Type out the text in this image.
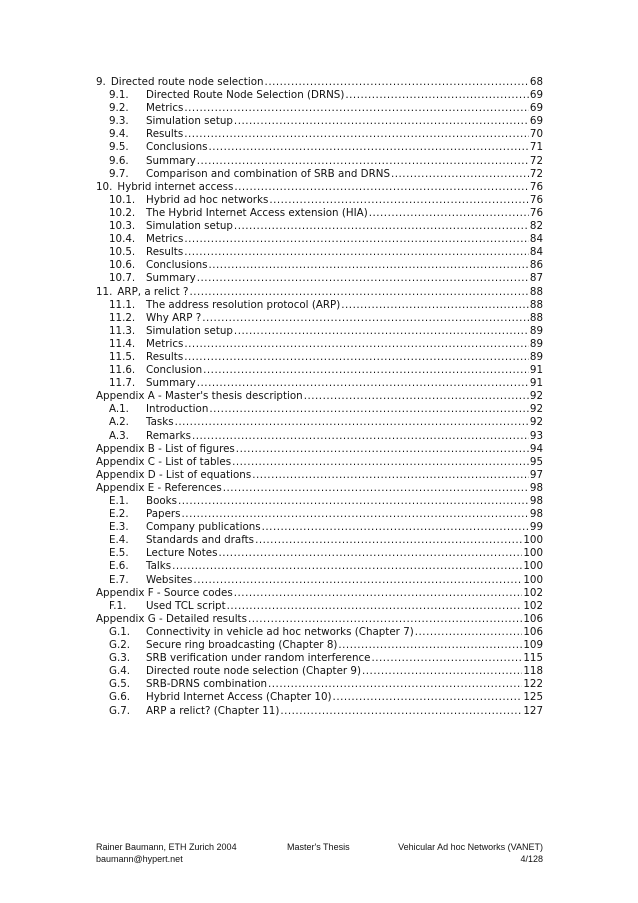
9. Directed route node selection .....	68
9.1.	Directed Route Node Selection (DRNS) .....	69
9.2.	Metrics .....	69
9.3.	Simulation setup .....	69
9.4.	Results .....	70
9.5.	Conclusions .....	71
9.6.	Summary .....	72
9.7.	Comparison and combination of SRB and DRNS .....	72
10. Hybrid internet access .....	76
10.1.	Hybrid ad hoc networks .....	76
10.2.	The Hybrid Internet Access extension (HIA) .....	76
10.3.	Simulation setup .....	82
10.4.	Metrics .....	84
10.5.	Results .....	84
10.6.	Conclusions .....	86
10.7.	Summary .....	87
11. ARP, a relict ? .....	88
11.1.	The address resolution protocol (ARP) .....	88
11.2.	Why ARP ? .....	88
11.3.	Simulation setup .....	89
11.4.	Metrics .....	89
11.5.	Results .....	89
11.6.	Conclusion .....	91
11.7.	Summary .....	91
Appendix A - Master's thesis description .....	92
A.1.	Introduction .....	92
A.2.	Tasks .....	92
A.3.	Remarks .....	93
Appendix B - List of figures .....	94
Appendix C - List of tables .....	95
Appendix D - List of equations .....	97
Appendix E - References .....	98
E.1.	Books .....	98
E.2.	Papers .....	98
E.3.	Company publications .....	99
E.4.	Standards and drafts .....	100
E.5.	Lecture Notes .....	100
E.6.	Talks .....	100
E.7.	Websites .....	100
Appendix F - Source codes .....	102
F.1.	Used TCL script .....	102
Appendix G - Detailed results .....	106
G.1.	Connectivity in vehicle ad hoc networks (Chapter 7) .....	106
G.2.	Secure ring broadcasting (Chapter 8) .....	109
G.3.	SRB verification under random interference .....	115
G.4.	Directed route node selection (Chapter 9) .....	118
G.5.	SRB-DRNS combination .....	122
G.6.	Hybrid Internet Access (Chapter 10) .....	125
G.7.	ARP a relict? (Chapter 11) .....	127
Rainer Baumann, ETH Zurich 2004	Master's Thesis	Vehicular Ad hoc Networks (VANET)
baumann@hypert.net	4/128
